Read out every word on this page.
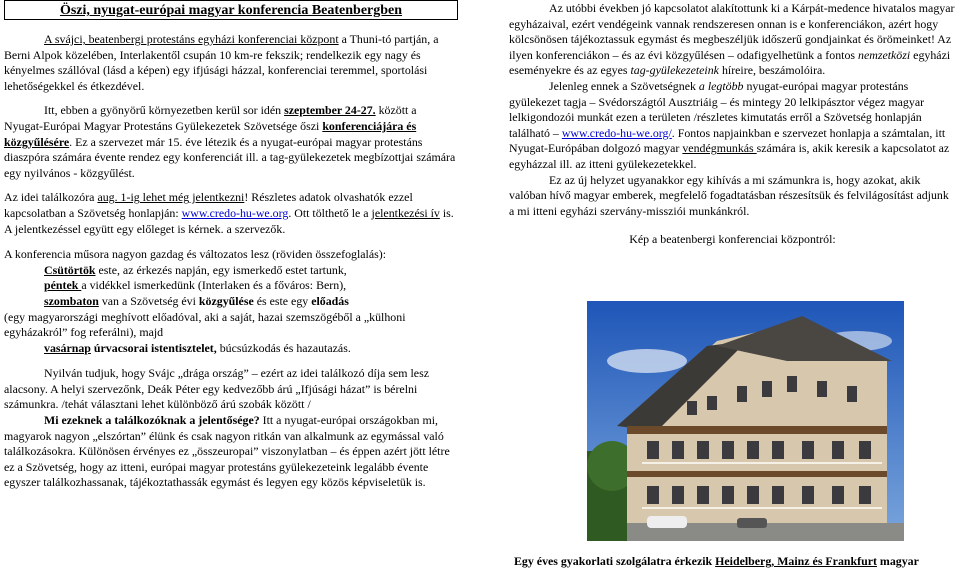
Öszi, nyugat-európai magyar konferencia Beatenbergben

A svájci, beatenbergi protestáns egyházi konferenciai központ a Thuni-tó partján, a Berni Alpok közelében, Interlakentől csupán 10 km-re fekszik; rendelkezik egy nagy és kényelmes szállóval (lásd a képen) egy ifjúsági házzal, konferenciai teremmel, sportolási lehetőségekkel és étkezdével.

Itt, ebben a gyönyörű környezetben kerül sor idén szeptember 24-27. között a Nyugat-Európai Magyar Protestáns Gyülekezetek Szövetsége őszi konferenciájára és közgyűlésére. Ez a szervezet már 15. éve létezik és a nyugat-európai magyar protestáns diaszpóra számára évente rendez egy konferenciát ill. a tag-gyülekezetek megbízottjai számára egy nyilvános - közgyűlést.

Az idei találkozóra aug. 1-ig lehet még jelentkezni! Részletes adatok olvashatók ezzel kapcsolatban a Szövetség honlapján: www.credo-hu-we.org. Ott tölthető le a jelentkezési ív is. A jelentkezéssel együtt egy előleget is kérnek. a szervezők.

A konferencia műsora nagyon gazdag és változatos lesz (röviden összefoglalás):

Csütörtök este, az érkezés napján, egy ismerkedő estet tartunk,

péntek a vidékkel ismerkedünk (Interlaken és a főváros: Bern),

szombaton van a Szövetség évi közgyűlése és este egy előadás

(egy magyarországi meghívott előadóval, aki a saját, hazai szemszögéből a „külhoni egyházakról” fog referálni), majd

vasárnap úrvacsorai istentisztelet, búcsúzkodás és hazautazás.

Nyilván tudjuk, hogy Svájc „drága ország” – ezért az idei találkozó díja sem lesz alacsony. A helyi szervezőnk, Deák Péter egy kedvezőbb árú „Ifjúsági házat” is bérelni számunkra. /tehát választani lehet különböző árú szobák között /

Mi ezeknek a találkozóknak a jelentősége? Itt a nyugat-európai országokban mi, magyarok nagyon „elszórtan” élünk és csak nagyon ritkán van alkalmunk az egymással való találkozásokra. Különösen érvényes ez „összeuropai” viszonylatban – és éppen azért jött létre ez a Szövetség, hogy az itteni, európai magyar protestáns gyülekezeteink legalább évente egyszer találkozhassanak, tájékoztathassák egymást és legyen egy közös képviseletük is.

Az utóbbi években jó kapcsolatot alakítottunk ki a Kárpát-medence hivatalos magyar egyházaival, ezért vendégeink vannak rendszeresen onnan is e konferenciákon, azért hogy kölcsönösen tájékoztassuk egymást és megbeszéljük időszerű gondjainkat és örömeinket! Az ilyen konferenciákon – és az évi közgyűlésen – odafigyelhetünk a fontos nemzetközi egyházi eseményekre és az egyes tag-gyülekezeteink híreire, beszámolóira.

Jelenleg ennek a Szövetségnek a legtöbb nyugat-európai magyar protestáns gyülekezet tagja – Svédországtól Ausztriáig – és mintegy 20 lelkipásztor végez magyar lelkigondozói munkát ezen a területen /részletes kimutatás erről a Szövetség honlapján található – www.credo-hu-we.org/. Fontos napjainkban e szervezet honlapja a számtalan, itt Nyugat-Európában dolgozó magyar vendégmunkás számára is, akik keresik a kapcsolatot az egyházzal ill. az itteni gyülekezetekkel.

Ez az új helyzet ugyanakkor egy kihívás a mi számunkra is, hogy azokat, akik valóban hívő magyar emberek, megfelelő fogadtatásban részesítsük és felvilágosítást adjunk a mi itteni egyházi szervány-missziói munkánkról.

Kép a beatenbergi konferenciai központról:

Egy éves gyakorlati szolgálatra érkezik Heidelberg, Mainz és Frankfurt magyar
